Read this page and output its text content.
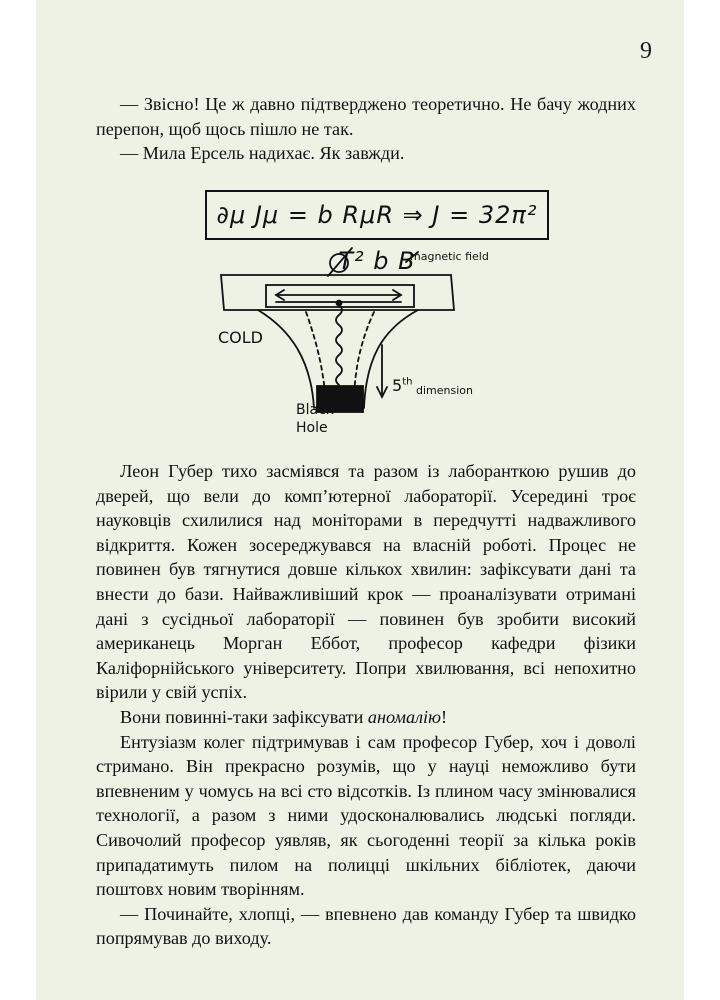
9

— Звісно! Це ж давно підтверджено теоретично. Не бачу жодних перепон, щоб щось пішло не так.

— Мила Ерсель надихає. Як завжди.

∂μ Jμ = b RμR ⇒ J = 32π² T² b B
magnetic field
COLD
5th
dimension
Black
Hole

Леон Губер тихо засміявся та разом із лаборанткою рушив до дверей, що вели до комп’ютерної лабораторії. Усередині троє науковців схилилися над моніторами в передчутті надважливого відкриття. Кожен зосереджувався на власній роботі. Процес не повинен був тягнутися довше кількох хвилин: зафіксувати дані та внести до бази. Найважливіший крок — проаналізувати отримані дані з сусідньої лабораторії — повинен був зробити високий американець Морган Еббот, професор кафедри фізики Каліфорнійського університету. Попри хвилювання, всі непохитно вірили у свій успіх.

Вони повинні-таки зафіксувати аномалію!

Ентузіазм колег підтримував і сам професор Губер, хоч і доволі стримано. Він прекрасно розумів, що у науці неможливо бути впевненим у чомусь на всі сто відсотків. Із плином часу змінювалися технології, а разом з ними удосконалювались людські погляди. Сивочолий професор уявляв, як сьогоденні теорії за кілька років припадатимуть пилом на полицці шкільних бібліотек, даючи поштовх новим творінням.

— Починайте, хлопці, — впевнено дав команду Губер та швидко попрямував до виходу.
